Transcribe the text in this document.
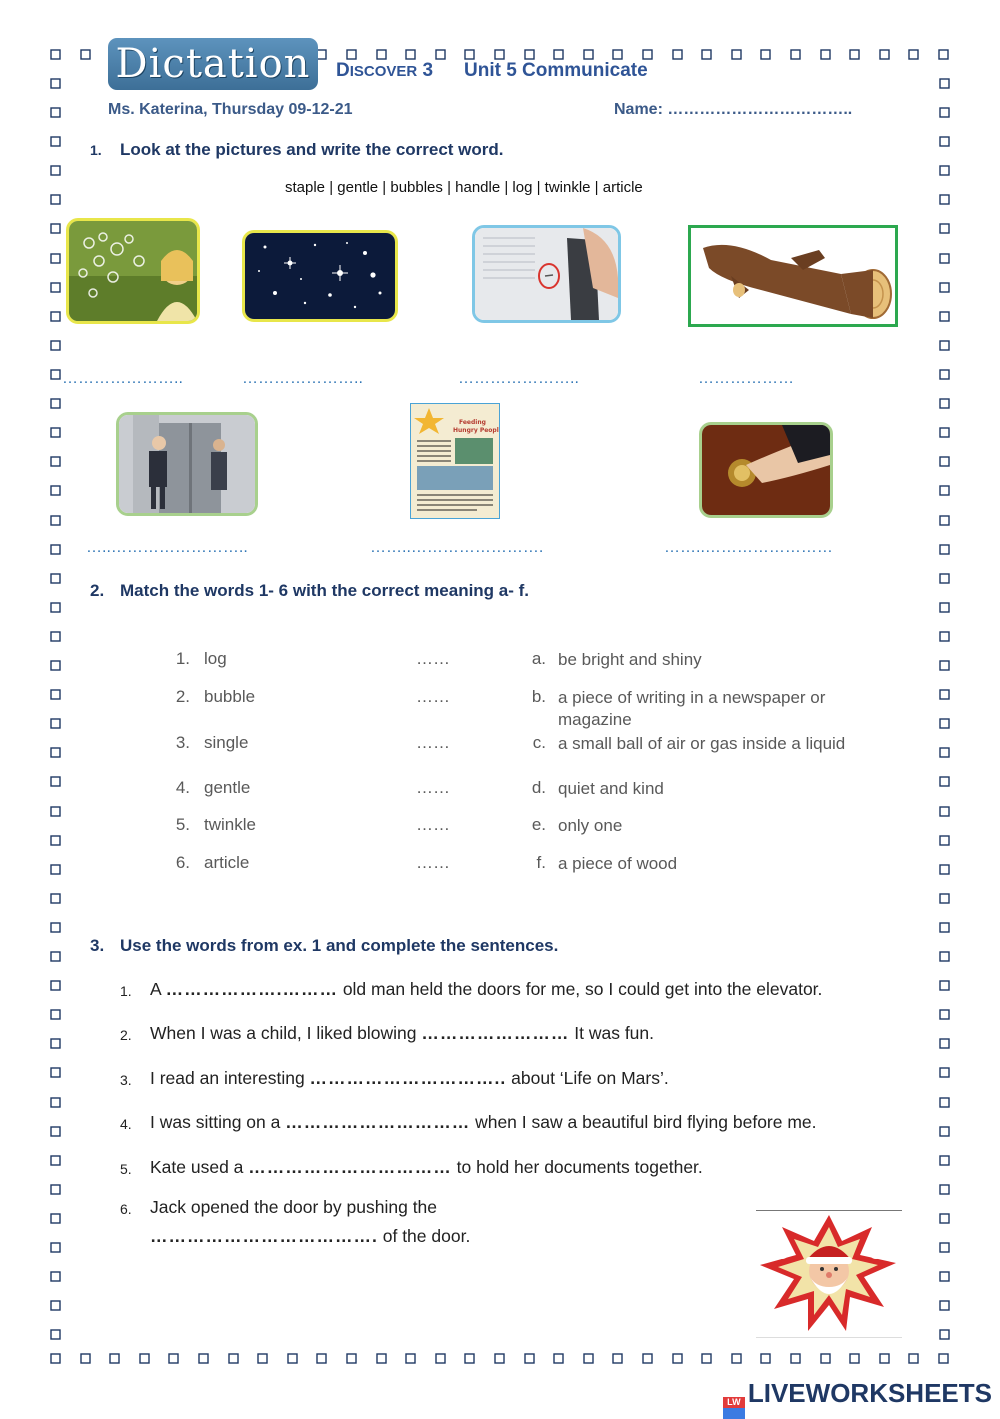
Dictation	DISCOVER 3 Unit 5 Communicate
Ms. Katerina, Thursday 09-12-21	Name: ……………………………..
1. Look at the pictures and write the correct word.
staple | gentle | bubbles | handle | log | twinkle | article
…………………..	…………………..	…………………..	………………
Feeding
Hungry People
…..……………………..	……..…………………….	……..……………………
2. Match the words 1- 6 with the correct meaning a- f.
1. log	……	a. be bright and shiny
2. bubble	……	b. a piece of writing in a newspaper or magazine
3. single	……	c. a small ball of air or gas inside a liquid
4. gentle	……	d. quiet and kind
5. twinkle	……	e. only one
6. article	……	f. a piece of wood
3. Use the words from ex. 1 and complete the sentences.
1. A ……………….……… old man held the doors for me, so I could get into the elevator.
2. When I was a child, I liked blowing …………………… It was fun.
3. I read an interesting ………………………….. about ‘Life on Mars’.
4. I was sitting on a ………………………… when I saw a beautiful bird flying before me.
5. Kate used a …………………………… to hold her documents together.
6. Jack opened the door by pushing the
………………………………. of the door.
LW LIVEWORKSHEETS
